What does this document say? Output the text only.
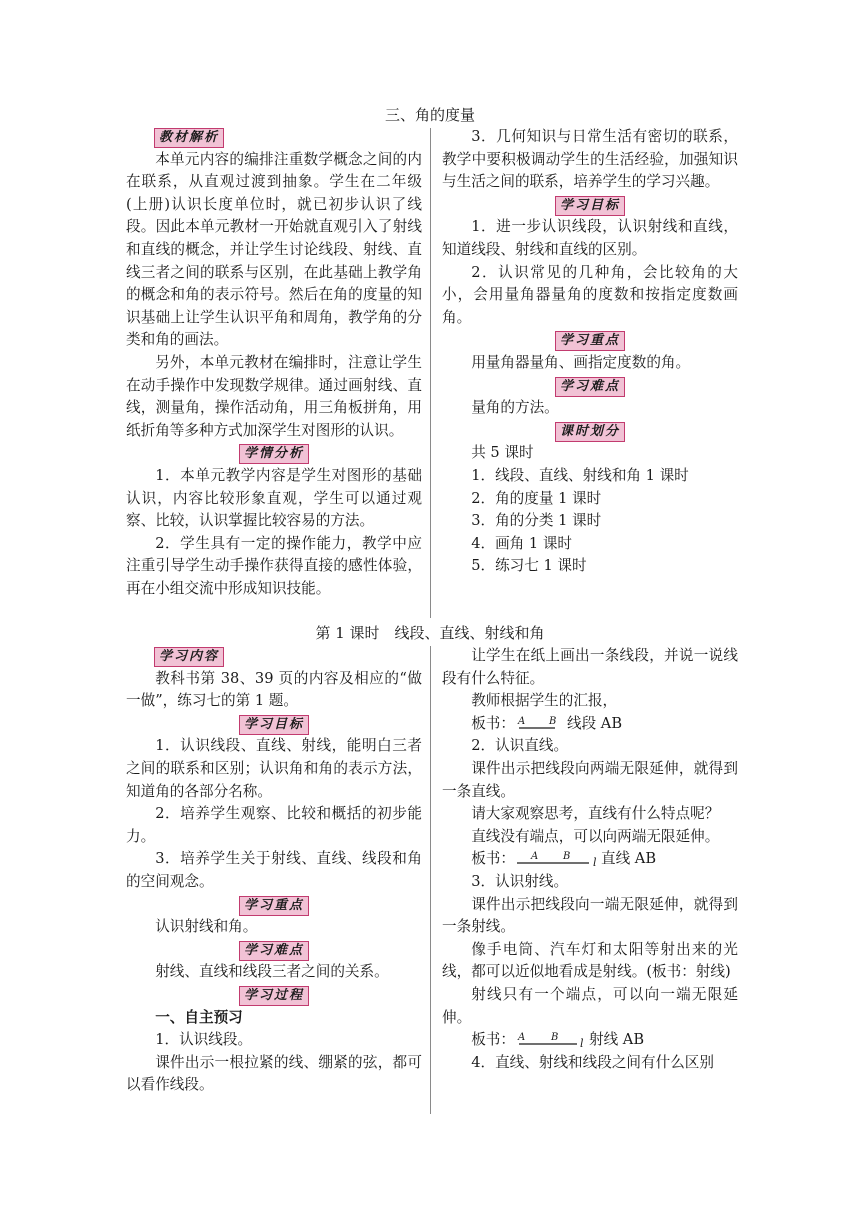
三、角的度量
教材解析

本单元内容的编排注重数学概念之间的内在联系，从直观过渡到抽象。学生在二年级(上册)认识长度单位时，就已初步认识了线段。因此本单元教材一开始就直观引入了射线和直线的概念，并让学生讨论线段、射线、直线三者之间的联系与区别，在此基础上教学角的概念和角的表示符号。然后在角的度量的知识基础上让学生认识平角和周角，教学角的分类和角的画法。

另外，本单元教材在编排时，注意让学生在动手操作中发现数学规律。通过画射线、直线，测量角，操作活动角，用三角板拼角，用纸折角等多种方式加深学生对图形的认识。

学情分析

1．本单元教学内容是学生对图形的基础认识，内容比较形象直观，学生可以通过观察、比较，认识掌握比较容易的方法。

2．学生具有一定的操作能力，教学中应注重引导学生动手操作获得直接的感性体验，再在小组交流中形成知识技能。

3．几何知识与日常生活有密切的联系，教学中要积极调动学生的生活经验，加强知识与生活之间的联系，培养学生的学习兴趣。

学习目标

1．进一步认识线段，认识射线和直线，知道线段、射线和直线的区别。

2．认识常见的几种角，会比较角的大小，会用量角器量角的度数和按指定度数画角。

学习重点

用量角器量角、画指定度数的角。

学习难点

量角的方法。

课时划分

共 5 课时

1．线段、直线、射线和角 1 课时

2．角的度量 1 课时

3．角的分类 1 课时

4．画角 1 课时

5．练习七 1 课时

第 1 课时　线段、直线、射线和角
学习内容

教科书第 38、39 页的内容及相应的“做一做”，练习七的第 1 题。

学习目标

1．认识线段、直线、射线，能明白三者之间的联系和区别；认识角和角的表示方法，知道角的各部分名称。

2．培养学生观察、比较和概括的初步能力。

3．培养学生关于射线、直线、线段和角的空间观念。

学习重点

认识射线和角。

学习难点

射线、直线和线段三者之间的关系。

学习过程

一、自主预习

1．认识线段。

课件出示一根拉紧的线、绷紧的弦，都可以看作线段。

让学生在纸上画出一条线段，并说一说线段有什么特征。

教师根据学生的汇报，

板书： A B 线段 AB

2．认识直线。

课件出示把线段向两端无限延伸，就得到一条直线。

请大家观察思考，直线有什么特点呢？

直线没有端点，可以向两端无限延伸。

板书： A B l 直线 AB

3．认识射线。

课件出示把线段向一端无限延伸，就得到一条射线。

像手电筒、汽车灯和太阳等射出来的光线，都可以近似地看成是射线。(板书：射线)

射线只有一个端点，可以向一端无限延伸。

板书： A	B l 射线 AB

4．直线、射线和线段之间有什么区别
